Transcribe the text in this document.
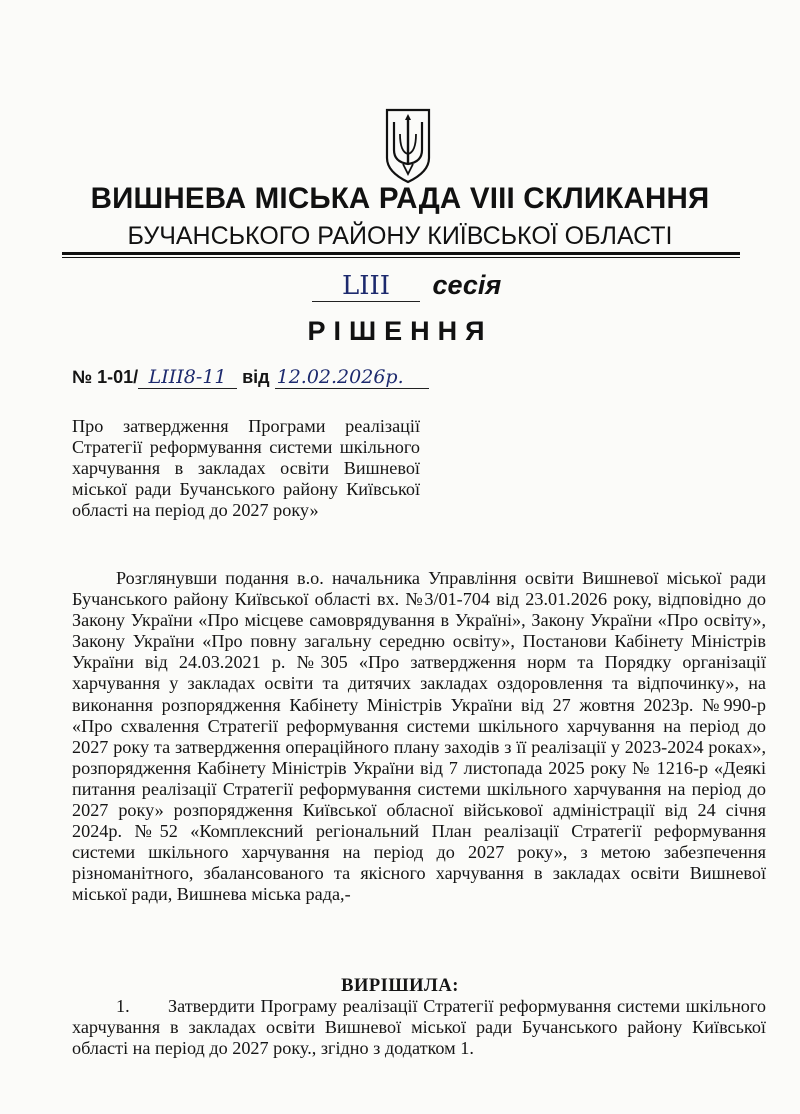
ВИШНЕВА МІСЬКА РАДА VIII СКЛИКАННЯ
БУЧАНСЬКОГО РАЙОНУ КИЇВСЬКОЇ ОБЛАСТІ
LIII сесія
РІШЕННЯ
№ 1-01/ LIII8-11 від 12.02.2026р.
Про затвердження Програми реалізації Стратегії реформування системи шкільного харчування в закладах освіти Вишневої міської ради Бучанського району Київської області на період до 2027 року»
Розглянувши подання в.о. начальника Управління освіти Вишневої міської ради Бучанського району Київської області вх. №3/01-704 від 23.01.2026 року, відповідно до Закону України «Про місцеве самоврядування в Україні», Закону України «Про освіту», Закону України «Про повну загальну середню освіту», Постанови Кабінету Міністрів України від 24.03.2021 р. №305 «Про затвердження норм та Порядку організації харчування у закладах освіти та дитячих закладах оздоровлення та відпочинку», на виконання розпорядження Кабінету Міністрів України від 27 жовтня 2023р. №990-р «Про схвалення Стратегії реформування системи шкільного харчування на період до 2027 року та затвердження операційного плану заходів з її реалізації у 2023-2024 роках», розпорядження Кабінету Міністрів України від 7 листопада 2025 року № 1216-р «Деякі питання реалізації Стратегії реформування системи шкільного харчування на період до 2027 року» розпорядження Київської обласної військової адміністрації від 24 січня 2024р. №52 «Комплексний регіональний План реалізації Стратегії реформування системи шкільного харчування на період до 2027 року», з метою забезпечення різноманітного, збалансованого та якісного харчування в закладах освіти Вишневої міської ради, Вишнева міська рада,-
ВИРІШИЛА:
1. Затвердити Програму реалізації Стратегії реформування системи шкільного харчування в закладах освіти Вишневої міської ради Бучанського району Київської області на період до 2027 року., згідно з додатком 1.
